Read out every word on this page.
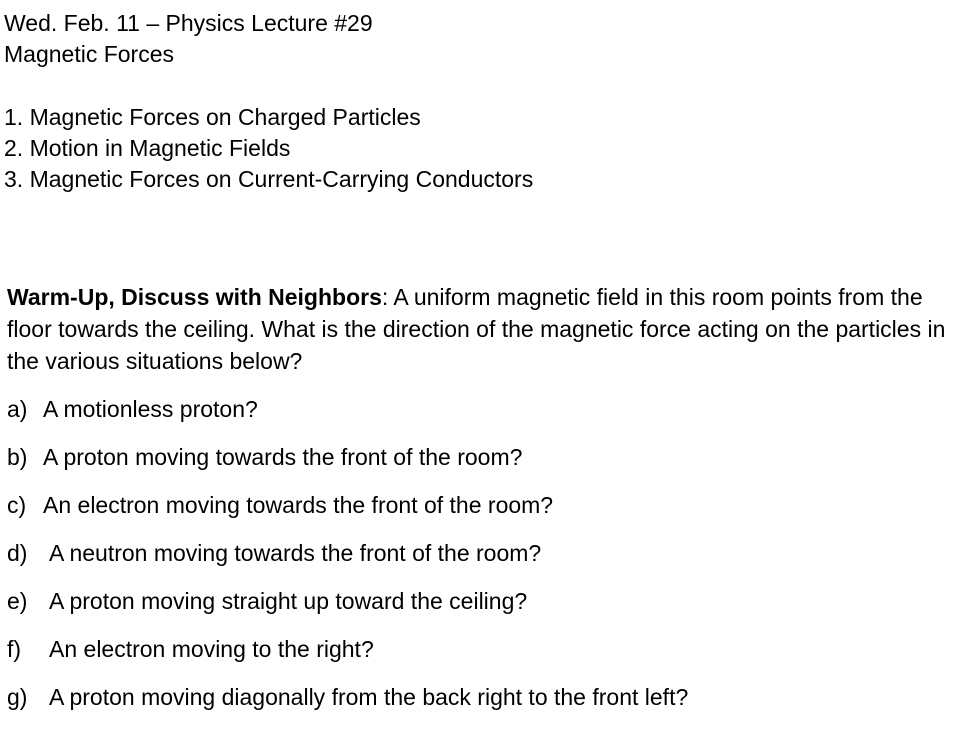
Wed. Feb. 11 – Physics Lecture #29
Magnetic Forces
1. Magnetic Forces on Charged Particles
2. Motion in Magnetic Fields
3. Magnetic Forces on Current-Carrying Conductors
Warm-Up, Discuss with Neighbors: A uniform magnetic field in this room points from the floor towards the ceiling. What is the direction of the magnetic force acting on the particles in the various situations below?
a) A motionless proton?
b) A proton moving towards the front of the room?
c) An electron moving towards the front of the room?
d) A neutron moving towards the front of the room?
e) A proton moving straight up toward the ceiling?
f) An electron moving to the right?
g) A proton moving diagonally from the back right to the front left?
